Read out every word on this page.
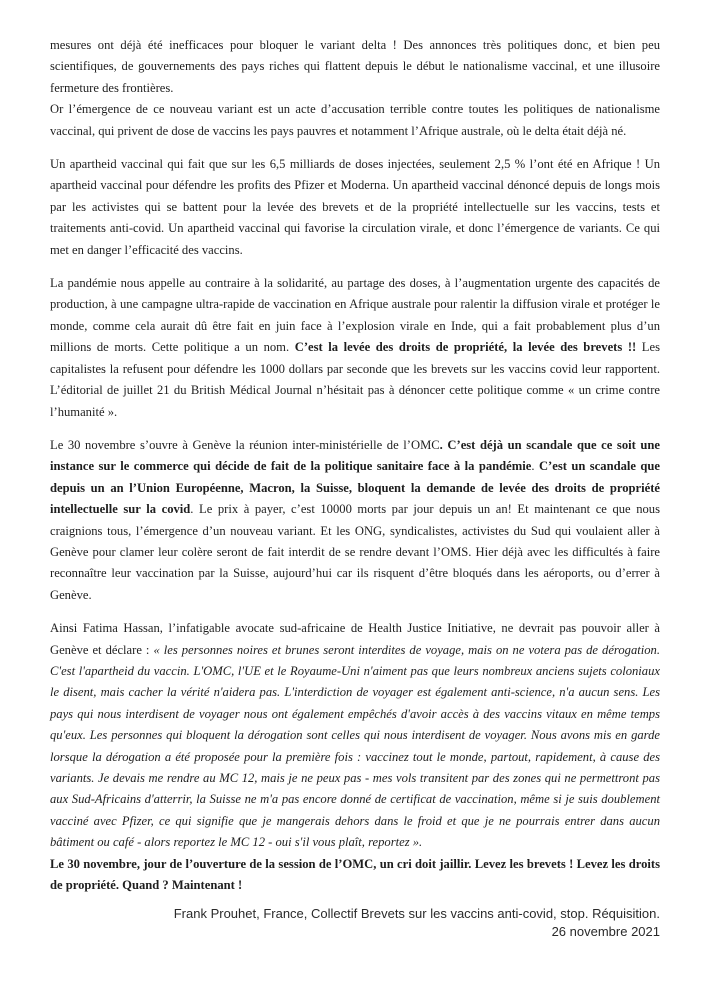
mesures ont déjà été inefficaces pour bloquer le variant delta ! Des annonces très politiques donc, et bien peu scientifiques, de gouvernements des pays riches qui flattent depuis le début le nationalisme vaccinal, et une illusoire fermeture des frontières.

Or l’émergence de ce nouveau variant est un acte d’accusation terrible contre toutes les politiques de nationalisme vaccinal, qui privent de dose de vaccins les pays pauvres et notamment l’Afrique australe, où le delta était déjà né.

Un apartheid vaccinal qui fait que sur les 6,5 milliards de doses injectées, seulement 2,5 % l’ont été en Afrique ! Un apartheid vaccinal pour défendre les profits des Pfizer et Moderna. Un apartheid vaccinal dénoncé depuis de longs mois par les activistes qui se battent pour la levée des brevets et de la propriété intellectuelle sur les vaccins, tests et traitements anti-covid. Un apartheid vaccinal qui favorise la circulation virale, et donc l’émergence de variants. Ce qui met en danger l’efficacité des vaccins.

La pandémie nous appelle au contraire à la solidarité, au partage des doses, à l’augmentation urgente des capacités de production, à une campagne ultra-rapide de vaccination en Afrique australe pour ralentir la diffusion virale et protéger le monde, comme cela aurait dû être fait en juin face à l’explosion virale en Inde, qui a fait probablement plus d’un millions de morts. Cette politique a un nom. C’est la levée des droits de propriété, la levée des brevets !! Les capitalistes la refusent pour défendre les 1000 dollars par seconde que les brevets sur les vaccins covid leur rapportent. L’éditorial de juillet 21 du British Médical Journal n’hésitait pas à dénoncer cette politique comme « un crime contre l’humanité ».

Le 30 novembre s’ouvre à Genève la réunion inter-ministérielle de l’OMC. C’est déjà un scandale que ce soit une instance sur le commerce qui décide de fait de la politique sanitaire face à la pandémie. C’est un scandale que depuis un an l’Union Européenne, Macron, la Suisse, bloquent la demande de levée des droits de propriété intellectuelle sur la covid. Le prix à payer, c’est 10000 morts par jour depuis un an! Et maintenant ce que nous craignions tous, l’émergence d’un nouveau variant. Et les ONG, syndicalistes, activistes du Sud qui voulaient aller à Genève pour clamer leur colère seront de fait interdit de se rendre devant l’OMS. Hier déjà avec les difficultés à faire reconnaître leur vaccination par la Suisse, aujourd’hui car ils risquent d’être bloqués dans les aéroports, ou d’errer à Genève.

Ainsi Fatima Hassan, l’infatigable avocate sud-africaine de Health Justice Initiative, ne devrait pas pouvoir aller à Genève et déclare : « les personnes noires et brunes seront interdites de voyage, mais on ne votera pas de dérogation. C'est l'apartheid du vaccin. L'OMC, l'UE et le Royaume-Uni n'aiment pas que leurs nombreux anciens sujets coloniaux le disent, mais cacher la vérité n'aidera pas. L'interdiction de voyager est également anti-science, n'a aucun sens. Les pays qui nous interdisent de voyager nous ont également empêchés d'avoir accès à des vaccins vitaux en même temps qu'eux. Les personnes qui bloquent la dérogation sont celles qui nous interdisent de voyager. Nous avons mis en garde lorsque la dérogation a été proposée pour la première fois : vaccinez tout le monde, partout, rapidement, à cause des variants. Je devais me rendre au MC 12, mais je ne peux pas - mes vols transitent par des zones qui ne permettront pas aux Sud-Africains d'atterrir, la Suisse ne m'a pas encore donné de certificat de vaccination, même si je suis doublement vacciné avec Pfizer, ce qui signifie que je mangerais dehors dans le froid et que je ne pourrais entrer dans aucun bâtiment ou café - alors reportez le MC 12 - oui s'il vous plaît, reportez ».

Le 30 novembre, jour de l’ouverture de la session de l’OMC, un cri doit jaillir. Levez les brevets ! Levez les droits de propriété. Quand ? Maintenant !

Frank Prouhet, France, Collectif Brevets sur les vaccins anti-covid, stop. Réquisition.
26 novembre 2021
